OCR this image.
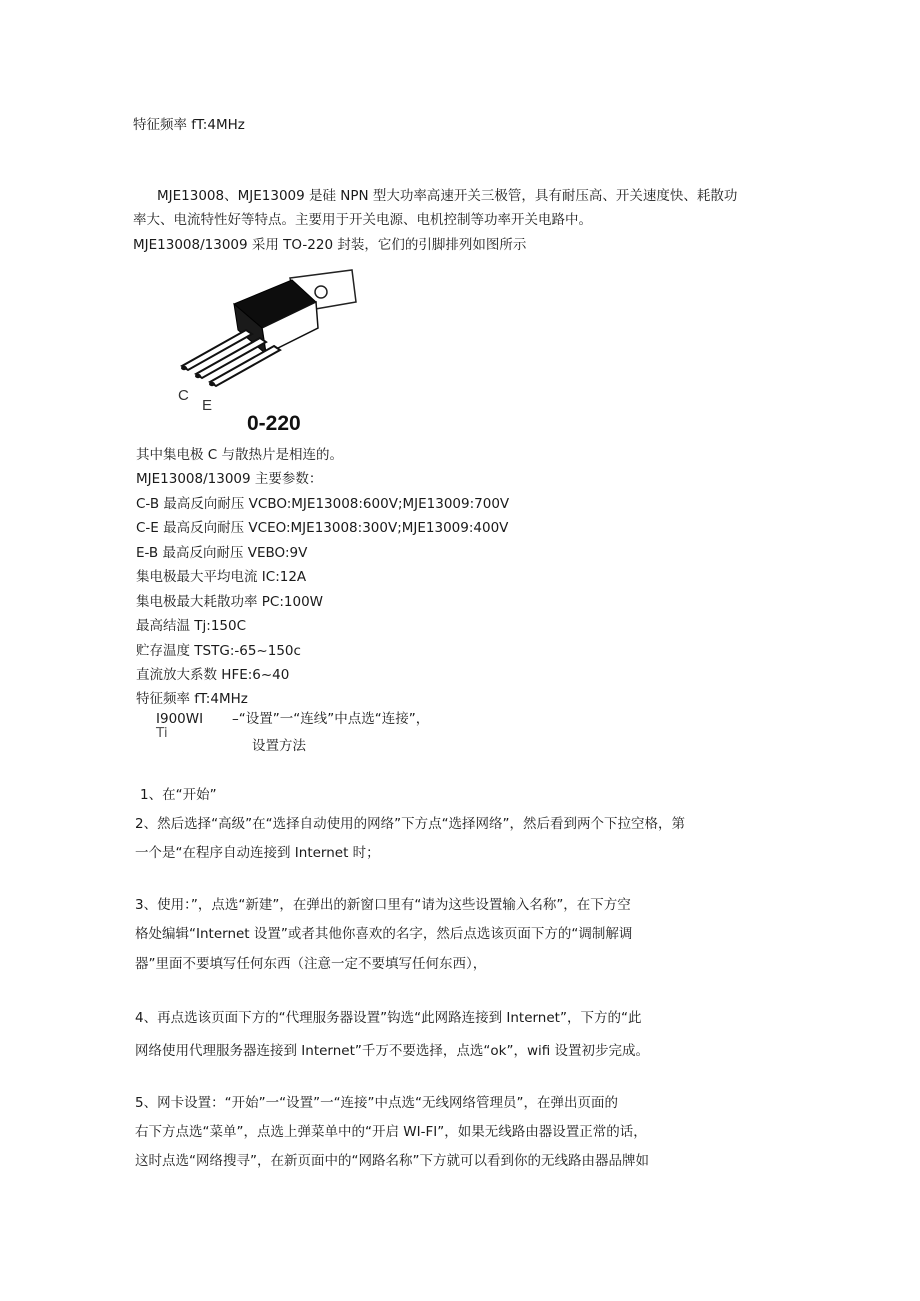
特征频率 fT:4MHz
MJE13008、MJE13009 是硅 NPN 型大功率高速开关三极管，具有耐压高、开关速度快、耗散功
率大、电流特性好等特点。主要用于开关电源、电机控制等功率开关电路中。
MJE13008/13009 采用 TO-220 封装，它们的引脚排列如图所示
C
E
0-220
其中集电极 C 与散热片是相连的。
MJE13008/13009 主要参数：
C-B 最高反向耐压 VCBO:MJE13008:600V;MJE13009:700V
C-E 最高反向耐压 VCEO:MJE13008:300V;MJE13009:400V
E-B 最高反向耐压 VEBO:9V
集电极最大平均电流 IC:12A
集电极最大耗散功率 PC:100W
最高结温 Tj:150C
贮存温度 TSTG:-65~150c
直流放大系数 HFE:6~40
特征频率 fT:4MHz
I900WI –“设置”一“连线”中点选“连接”，
Ti
设置方法
1、在“开始”
2、然后选择“高级”在“选择自动使用的网络”下方点“选择网络”，然后看到两个下拉空格，第
一个是“在程序自动连接到 Internet 时；
3、使用：”，点选“新建”，在弹出的新窗口里有“请为这些设置输入名称”，在下方空
格处编辑“Internet 设置”或者其他你喜欢的名字，然后点选该页面下方的“调制解调
器”里面不要填写任何东西（注意一定不要填写任何东西），
4、再点选该页面下方的“代理服务器设置”钩选“此网路连接到 Internet”，下方的“此
网络使用代理服务器连接到 Internet”千万不要选择，点选“ok”，wifi 设置初步完成。
5、网卡设置：“开始”一“设置”一“连接”中点选“无线网络管理员”，在弹出页面的
右下方点选“菜单”，点选上弹菜单中的“开启 WI-FI”，如果无线路由器设置正常的话，
这时点选“网络搜寻”，在新页面中的“网路名称”下方就可以看到你的无线路由器品牌如
